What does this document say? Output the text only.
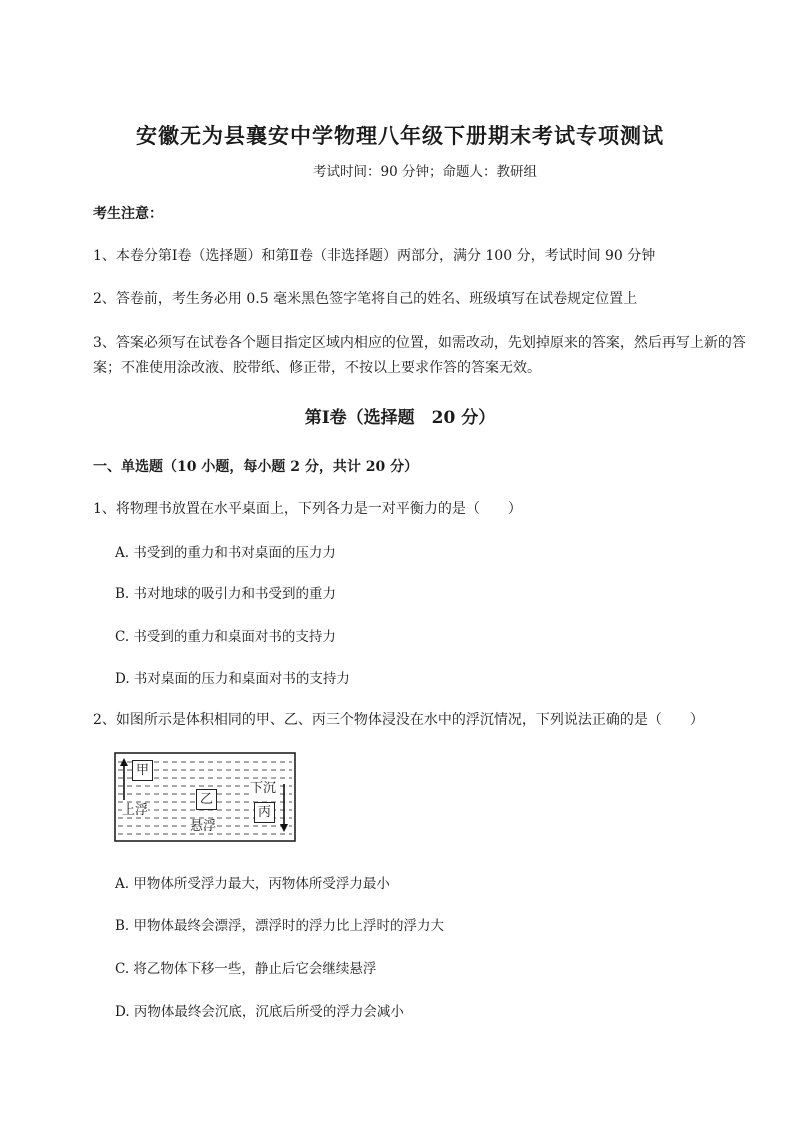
安徽无为县襄安中学物理八年级下册期末考试专项测试
考试时间：90 分钟；命题人：教研组
考生注意：
1、本卷分第Ⅰ卷（选择题）和第Ⅱ卷（非选择题）两部分，满分 100 分，考试时间 90 分钟
2、答卷前，考生务必用 0.5 毫米黑色签字笔将自己的姓名、班级填写在试卷规定位置上
3、答案必须写在试卷各个题目指定区域内相应的位置，如需改动，先划掉原来的答案，然后再写上新的答案；不准使用涂改液、胶带纸、修正带，不按以上要求作答的答案无效。
第Ⅰ卷（选择题　20 分）
一、单选题（10 小题，每小题 2 分，共计 20 分）
1、将物理书放置在水平桌面上，下列各力是一对平衡力的是（　　）
A. 书受到的重力和书对桌面的压力力
B. 书对地球的吸引力和书受到的重力
C. 书受到的重力和桌面对书的支持力
D. 书对桌面的压力和桌面对书的支持力
2、如图所示是体积相同的甲、乙、丙三个物体浸没在水中的浮沉情况，下列说法正确的是（　　）
甲
上浮
乙
悬浮
下沉
丙
A. 甲物体所受浮力最大，丙物体所受浮力最小
B. 甲物体最终会漂浮，漂浮时的浮力比上浮时的浮力大
C. 将乙物体下移一些，静止后它会继续悬浮
D. 丙物体最终会沉底，沉底后所受的浮力会减小
